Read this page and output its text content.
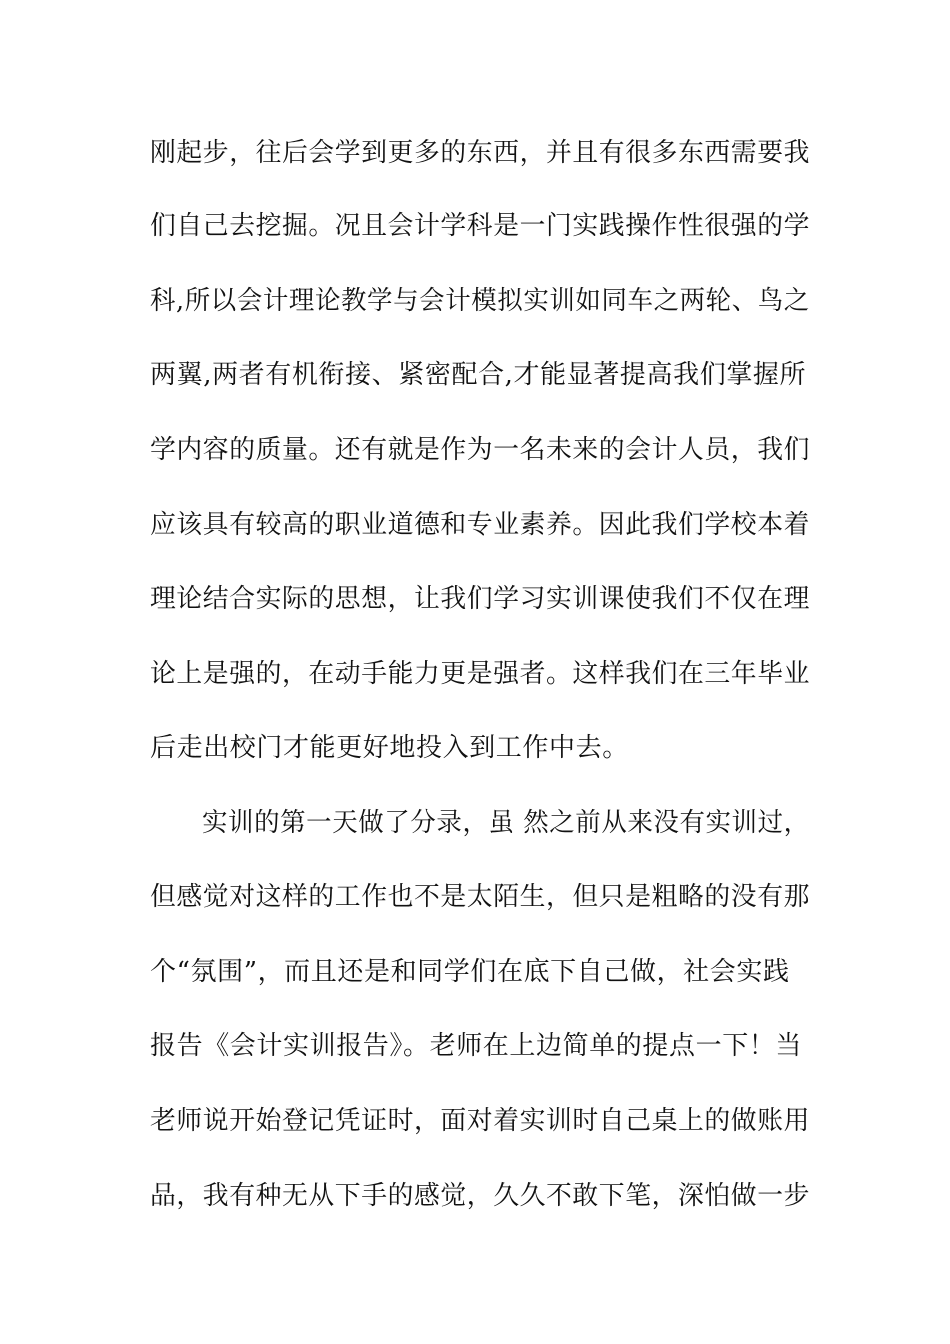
刚起步，往后会学到更多的东西，并且有很多东西需要我
们自己去挖掘。况且会计学科是一门实践操作性很强的学
科,所以会计理论教学与会计模拟实训如同车之两轮、鸟之
两翼,两者有机衔接、紧密配合,才能显著提高我们掌握所
学内容的质量。还有就是作为一名未来的会计人员，我们
应该具有较高的职业道德和专业素养。因此我们学校本着
理论结合实际的思想，让我们学习实训课使我们不仅在理
论上是强的，在动手能力更是强者。这样我们在三年毕业
后走出校门才能更好地投入到工作中去。
实训的第一天做了分录，虽 然之前从来没有实训过，
但感觉对这样的工作也不是太陌生，但只是粗略的没有那
个“氛围”，而且还是和同学们在底下自己做，社会实践
报告《会计实训报告》。老师在上边简单的提点一下！当
老师说开始登记凭证时，面对着实训时自己桌上的做账用
品，我有种无从下手的感觉，久久不敢下笔，深怕做一步
